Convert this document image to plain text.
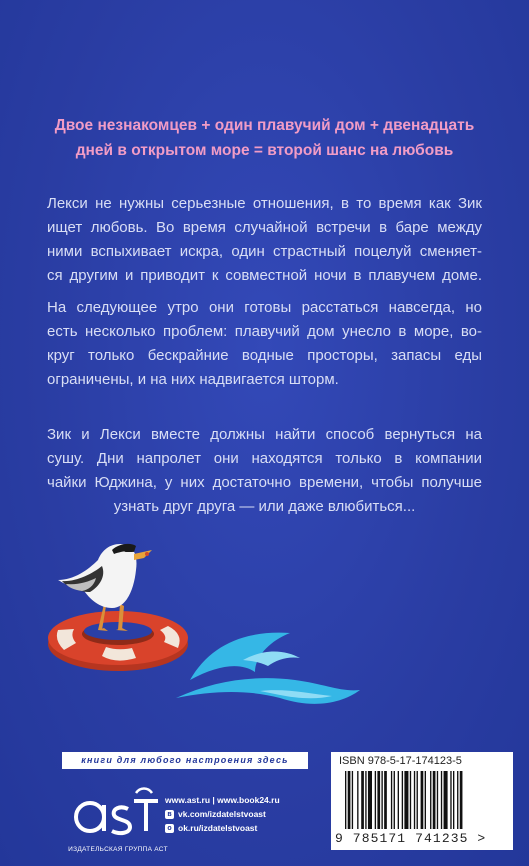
Двое незнакомцев + один плавучий дом + двенадцать
дней в открытом море = второй шанс на любовь
Лекси не нужны серьезные отношения, в то время как Зик
ищет любовь. Во время случайной встречи в баре между
ними вспыхивает искра, один страстный поцелуй сменяет-
ся другим и приводит к совместной ночи в плавучем доме.
На следующее утро они готовы расстаться навсегда, но
есть несколько проблем: плавучий дом унесло в море, во-
круг только бескрайние водные просторы, запасы еды
ограничены, и на них надвигается шторм.
Зик и Лекси вместе должны найти способ вернуться на
сушу. Дни напролет они находятся только в компании
чайки Юджина, у них достаточно времени, чтобы получше
узнать друг друга — или даже влюбиться...
книги для любого настроения здесь
ИЗДАТЕЛЬСКАЯ ГРУППА АСТ
www.ast.ru | www.book24.ru
в vk.com/izdatelstvoast
о ok.ru/izdatelstvoast
ISBN 978-5-17-174123-5
9 785171 741235 >
